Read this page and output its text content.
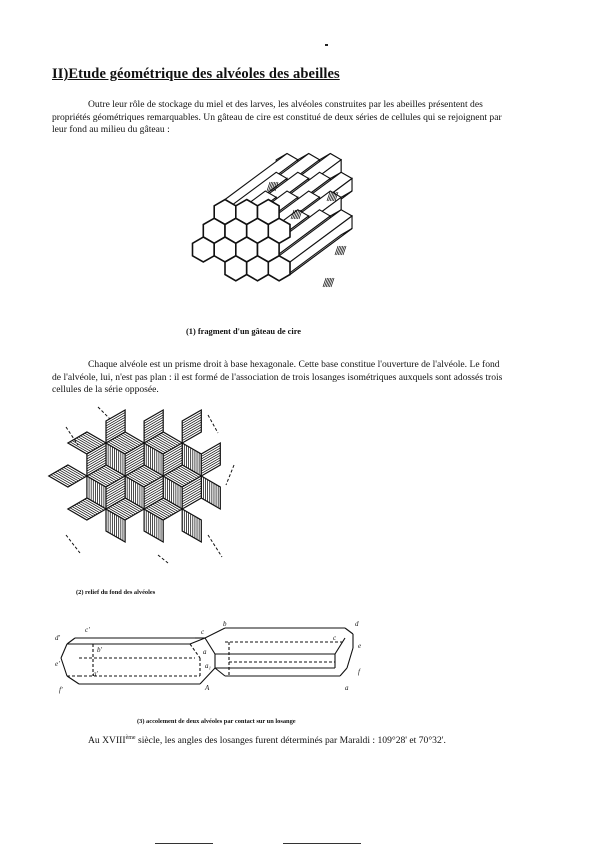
II)Etude géométrique des alvéoles des abeilles
Outre leur rôle de stockage du miel et des larves, les alvéoles construites par les abeilles présentent des propriétés géométriques remarquables. Un gâteau de cire est constitué de deux séries de cellules qui se rejoignent par leur fond au milieu du gâteau :
(1) fragment d'un gâteau de cire
Chaque alvéole est un prisme droit à base hexagonale. Cette base constitue l'ouverture de l'alvéole. Le fond de l'alvéole, lui, n'est pas plan : il est formé de l'association de trois losanges isométriques auxquels sont adossés trois cellules de la série opposée.
(2) relief du fond des alvéoles
d'
c'
b'
e'
a'
f'	A
c
a
d
c
e
f
a
b
a₁
(3) accolement de deux alvéoles par contact sur un losange
Au XVIIIème siècle, les angles des losanges furent déterminés par Maraldi : 109°28' et 70°32'.
